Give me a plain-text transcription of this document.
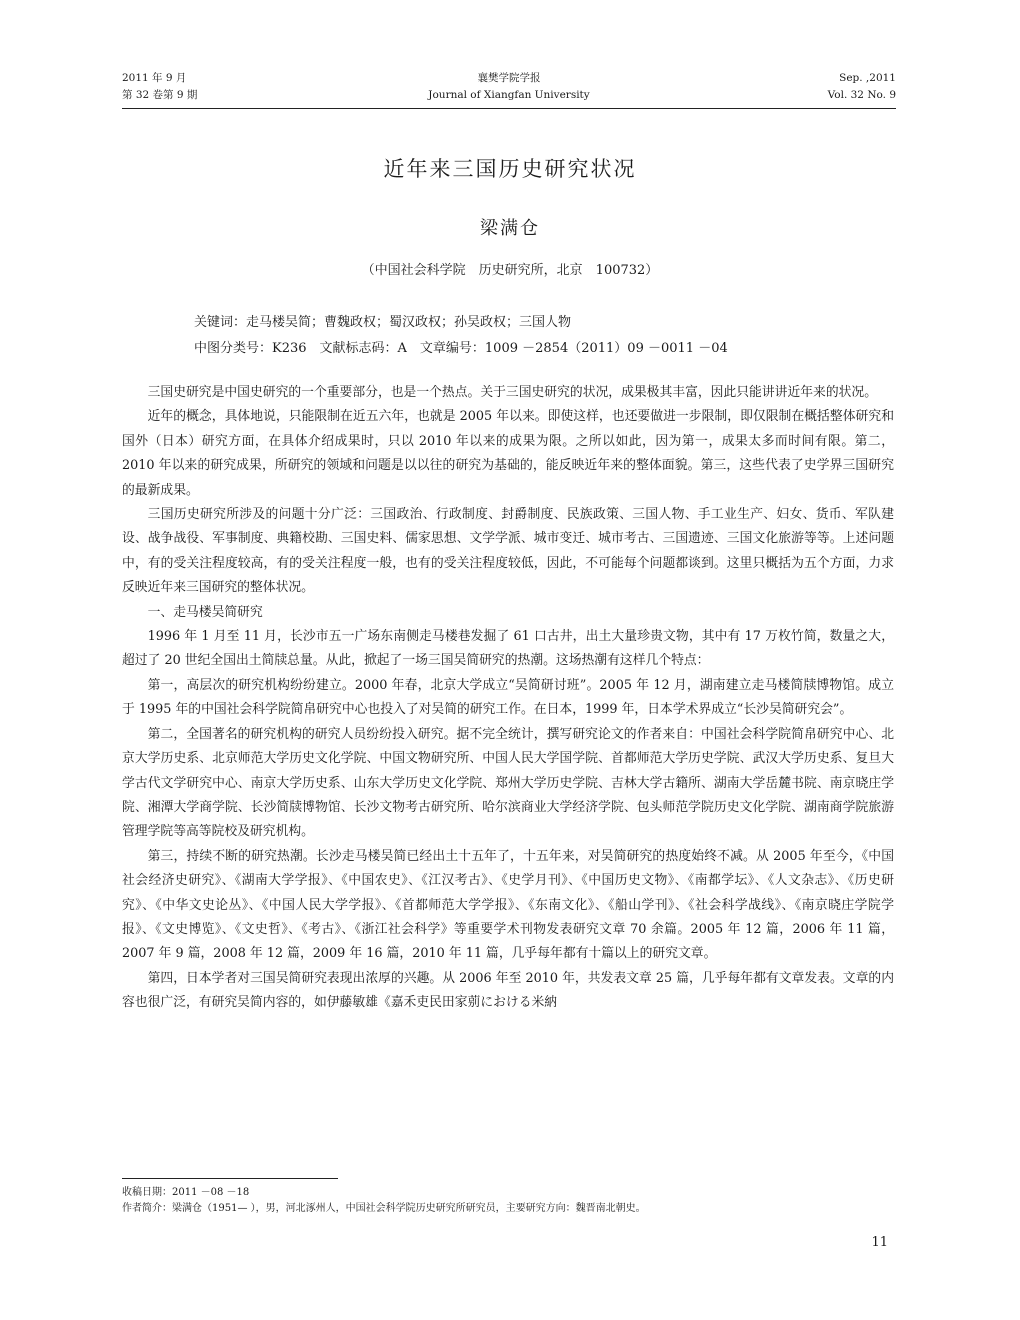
2011 年 9 月
第 32 卷第 9 期
襄樊学院学报
Journal of Xiangfan University
Sep. ,2011
Vol. 32 No. 9
近年来三国历史研究状况
梁满仓
（中国社会科学院　历史研究所，北京　100732）
关键词：走马楼吴简；曹魏政权；蜀汉政权；孙吴政权；三国人物
中图分类号：K236　文献标志码：A　文章编号：1009 －2854（2011）09 －0011 －04

三国史研究是中国史研究的一个重要部分，也是一个热点。关于三国史研究的状况，成果极其丰富，因此只能讲讲近年来的状况。

近年的概念，具体地说，只能限制在近五六年，也就是 2005 年以来。即使这样，也还要做进一步限制，即仅限制在概括整体研究和国外（日本）研究方面，在具体介绍成果时，只以 2010 年以来的成果为限。之所以如此，因为第一，成果太多而时间有限。第二，2010 年以来的研究成果，所研究的领域和问题是以以往的研究为基础的，能反映近年来的整体面貌。第三，这些代表了史学界三国研究的最新成果。

三国历史研究所涉及的问题十分广泛：三国政治、行政制度、封爵制度、民族政策、三国人物、手工业生产、妇女、货币、军队建设、战争战役、军事制度、典籍校勘、三国史料、儒家思想、文学学派、城市变迁、城市考古、三国遗迹、三国文化旅游等等。上述问题中，有的受关注程度较高，有的受关注程度一般，也有的受关注程度较低，因此，不可能每个问题都谈到。这里只概括为五个方面，力求反映近年来三国研究的整体状况。

一、走马楼吴简研究

1996 年 1 月至 11 月，长沙市五一广场东南侧走马楼巷发掘了 61 口古井，出土大量珍贵文物，其中有 17 万枚竹简，数量之大，超过了 20 世纪全国出土简牍总量。从此，掀起了一场三国吴简研究的热潮。这场热潮有这样几个特点：

第一，高层次的研究机构纷纷建立。2000 年春，北京大学成立“吴简研讨班”。2005 年 12 月，湖南建立走马楼简牍博物馆。成立于 1995 年的中国社会科学院简帛研究中心也投入了对吴简的研究工作。在日本，1999 年，日本学术界成立“长沙吴简研究会”。

第二，全国著名的研究机构的研究人员纷纷投入研究。据不完全统计，撰写研究论文的作者来自：中国社会科学院简帛研究中心、北京大学历史系、北京师范大学历史文化学院、中国文物研究所、中国人民大学国学院、首都师范大学历史学院、武汉大学历史系、复旦大学古代文学研究中心、南京大学历史系、山东大学历史文化学院、郑州大学历史学院、吉林大学古籍所、湖南大学岳麓书院、南京晓庄学院、湘潭大学商学院、长沙简牍博物馆、长沙文物考古研究所、哈尔滨商业大学经济学院、包头师范学院历史文化学院、湖南商学院旅游管理学院等高等院校及研究机构。

第三，持续不断的研究热潮。长沙走马楼吴简已经出土十五年了，十五年来，对吴简研究的热度始终不减。从 2005 年至今，《中国社会经济史研究》、《湖南大学学报》、《中国农史》、《江汉考古》、《史学月刊》、《中国历史文物》、《南都学坛》、《人文杂志》、《历史研究》、《中华文史论丛》、《中国人民大学学报》、《首都师范大学学报》、《东南文化》、《船山学刊》、《社会科学战线》、《南京晓庄学院学报》、《文史博览》、《文史哲》、《考古》、《浙江社会科学》等重要学术刊物发表研究文章 70 余篇。2005 年 12 篇，2006 年 11 篇，2007 年 9 篇，2008 年 12 篇，2009 年 16 篇，2010 年 11 篇，几乎每年都有十篇以上的研究文章。

第四，日本学者对三国吴简研究表现出浓厚的兴趣。从 2006 年至 2010 年，共发表文章 25 篇，几乎每年都有文章发表。文章的内容也很广泛，有研究吴简内容的，如伊藤敏雄《嘉禾吏民田家莂における米納

收稿日期：2011 －08 －18
作者简介：梁满仓（1951— ），男，河北涿州人，中国社会科学院历史研究所研究员，主要研究方向：魏晋南北朝史。
11
